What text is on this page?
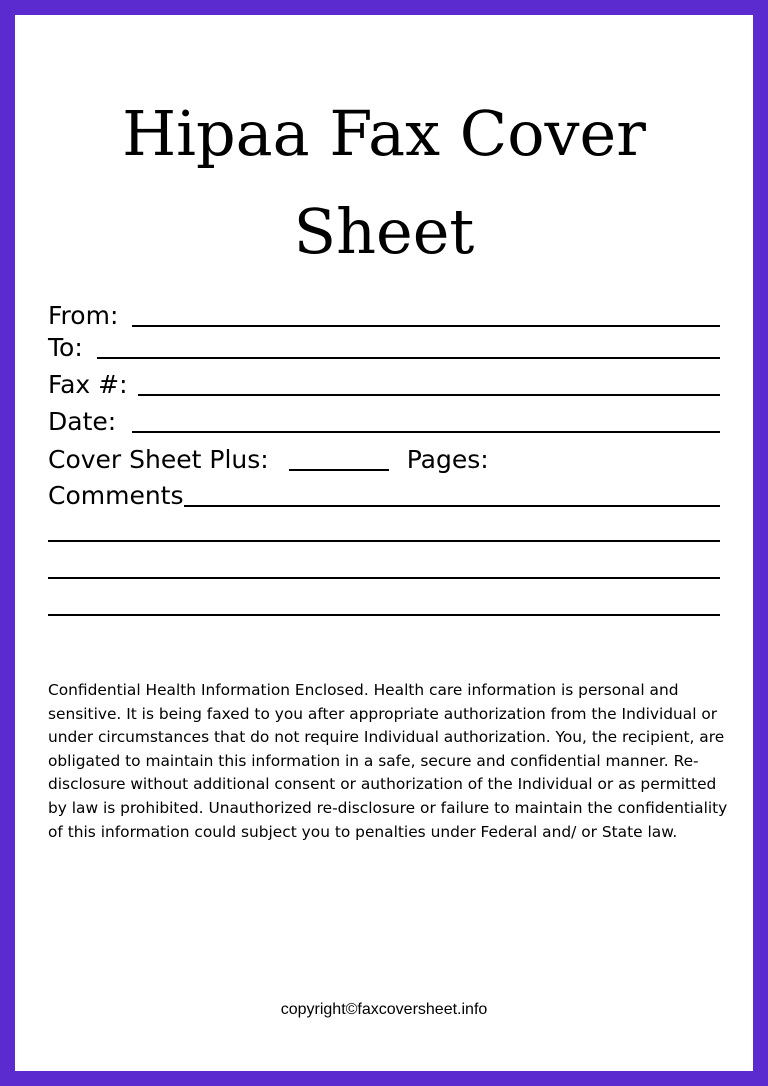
Hipaa Fax Cover
Sheet
From:
To:
Fax #:
Date:
Cover Sheet Plus:	Pages:
Comments

Confidential Health Information Enclosed. Health care information is personal and sensitive. It is being faxed to you after appropriate authorization from the Individual or under circumstances that do not require Individual authorization. You, the recipient, are obligated to maintain this information in a safe, secure and confidential manner. Re-disclosure without additional consent or authorization of the Individual or as permitted by law is prohibited. Unauthorized re-disclosure or failure to maintain the confidentiality of this information could subject you to penalties under Federal and/ or State law.

copyright©faxcoversheet.info
